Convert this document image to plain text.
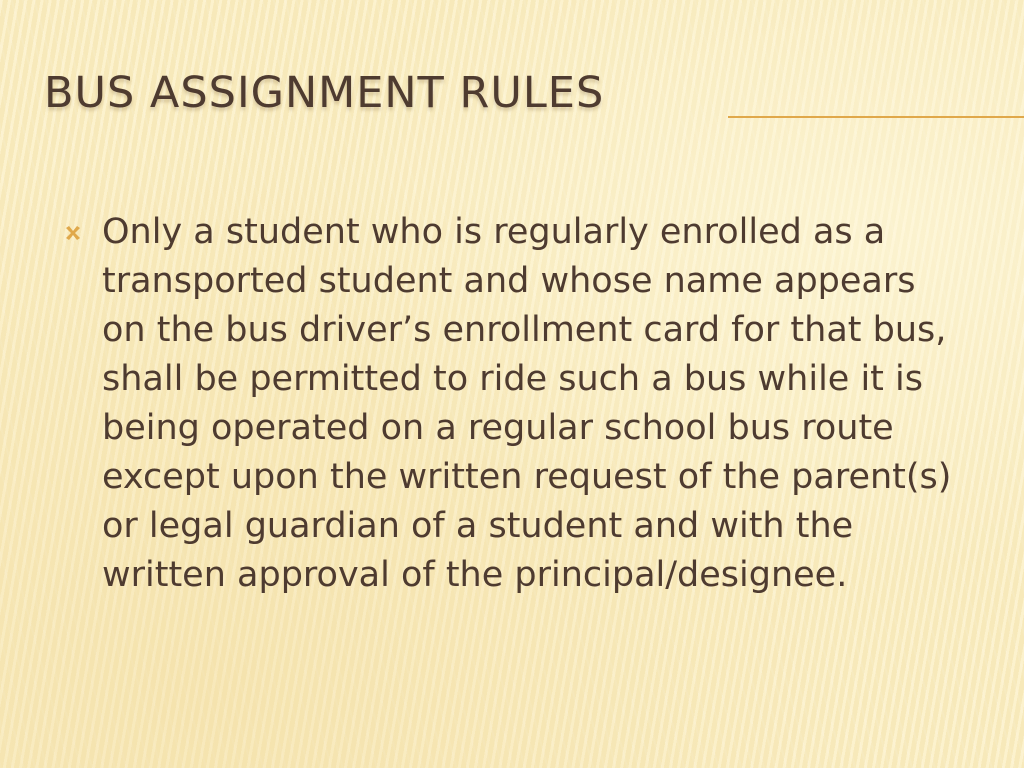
BUS ASSIGNMENT RULES
Only a student who is regularly enrolled as a transported student and whose name appears on the bus driver’s enrollment card for that bus, shall be permitted to ride such a bus while it is being operated on a regular school bus route except upon the written request of the parent(s) or legal guardian of a student and with the written approval of the principal/designee.
